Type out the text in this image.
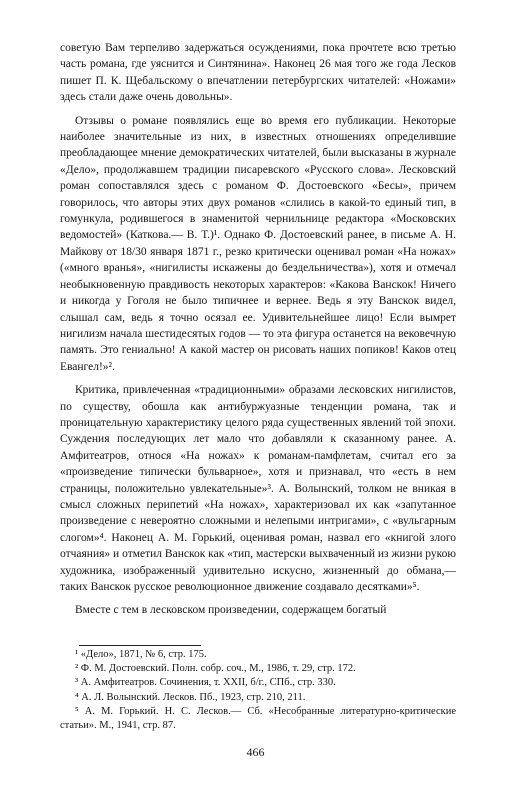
советую Вам терпеливо задержаться осуждениями, пока прочтете всю третью часть романа, где уяснится и Синтянина». Наконец 26 мая того же года Лесков пишет П. К. Щебальскому о впечатлении петербургских читателей: «Ножами» здесь стали даже очень довольны».

Отзывы о романе появлялись еще во время его публикации. Некоторые наиболее значительные из них, в известных отношениях определившие преобладающее мнение демократических читателей, были высказаны в журнале «Дело», продолжавшем традиции писаревского «Русского слова». Лесковский роман сопоставлялся здесь с романом Ф. Достоевского «Бесы», причем говорилось, что авторы этих двух романов «слились в какой-то единый тип, в гомункула, родившегося в знаменитой чернильнице редактора «Московских ведомостей» (Каткова.— В. Т.)¹. Однако Ф. Достоевский ранее, в письме А. Н. Майкову от 18/30 января 1871 г., резко критически оценивал роман «На ножах» («много вранья», «нигилисты искажены до бездельничества»), хотя и отмечал необыкновенную правдивость некоторых характеров: «Какова Ванскок! Ничего и никогда у Гоголя не было типичнее и вернее. Ведь я эту Ванскок видел, слышал сам, ведь я точно осязал ее. Удивительнейшее лицо! Если вымрет нигилизм начала шестидесятых годов — то эта фигура останется на вековечную память. Это гениально! А какой мастер он рисовать наших попиков! Каков отец Евангел!»².

Критика, привлеченная «традиционными» образами лесковских нигилистов, по существу, обошла как антибуржуазные тенденции романа, так и проницательную характеристику целого ряда существенных явлений той эпохи. Суждения последующих лет мало что добавляли к сказанному ранее. А. Амфитеатров, относя «На ножах» к романам-памфлетам, считал его за «произведение типически бульварное», хотя и признавал, что «есть в нем страницы, положительно увлекательные»³. А. Волынский, толком не вникая в смысл сложных перипетий «На ножах», характеризовал их как «запутанное произведение с невероятно сложными и нелепыми интригами», с «вульгарным слогом»⁴. Наконец А. М. Горький, оценивая роман, назвал его «книгой злого отчаяния» и отметил Ванскок как «тип, мастерски выхваченный из жизни рукою художника, изображенный удивительно искусно, жизненный до обмана,— таких Ванскок русское революционное движение создавало десятками»⁵.

Вместе с тем в лесковском произведении, содержащем богатый

¹ «Дело», 1871, № 6, стр. 175.

² Ф. М. Достоевский. Полн. собр. соч., М., 1986, т. 29, стр. 172.

³ А. Амфитеатров. Сочинения, т. XXII, б/г., СПб., стр. 330.

⁴ А. Л. Волынский. Лесков. Пб., 1923, стр. 210, 211.

⁵ А. М. Горький. Н. С. Лесков.— Сб. «Несобранные литературно-критические статьи». М., 1941, стр. 87.

466
